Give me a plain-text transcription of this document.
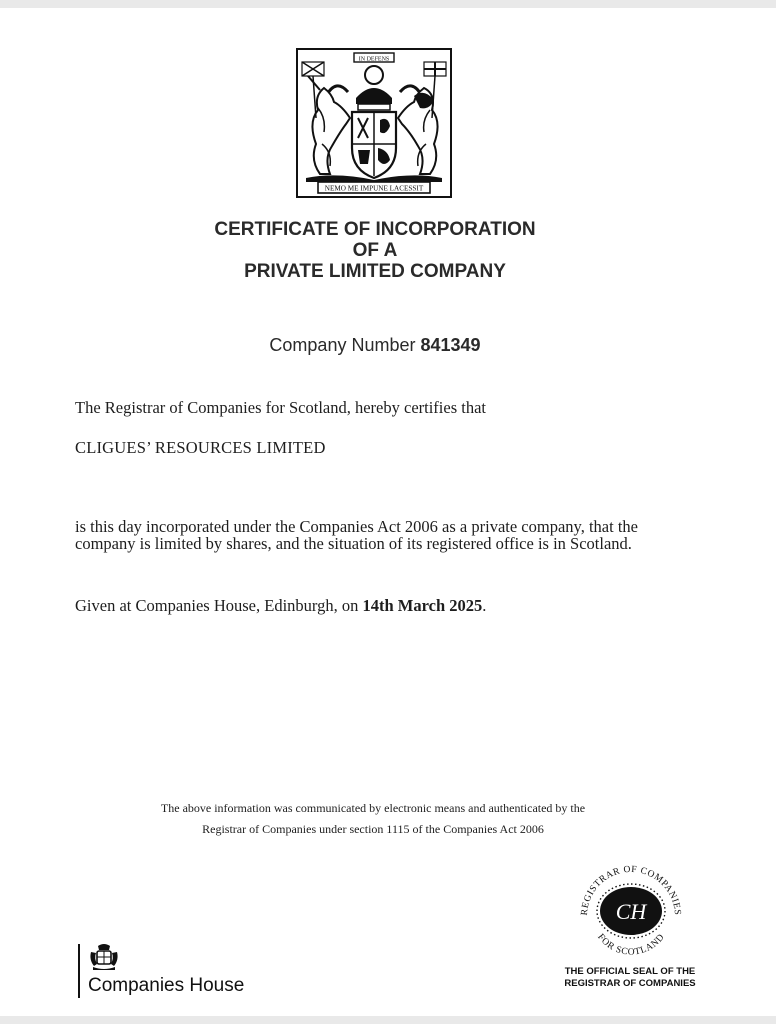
IN DEFENS
NEMO ME IMPUNE LACESSIT
CERTIFICATE OF INCORPORATION
OF A
PRIVATE LIMITED COMPANY
Company Number 841349
The Registrar of Companies for Scotland, hereby certifies that
CLIGUES’ RESOURCES LIMITED
is this day incorporated under the Companies Act 2006 as a private company, that the
company is limited by shares, and the situation of its registered office is in Scotland.
Given at Companies House, Edinburgh, on 14th March 2025.
The above information was communicated by electronic means and authenticated by the
Registrar of Companies under section 1115 of the Companies Act 2006
REGISTRAR OF COMPANIES
FOR SCOTLAND
CH
THE OFFICIAL SEAL OF THE
REGISTRAR OF COMPANIES
Companies House
